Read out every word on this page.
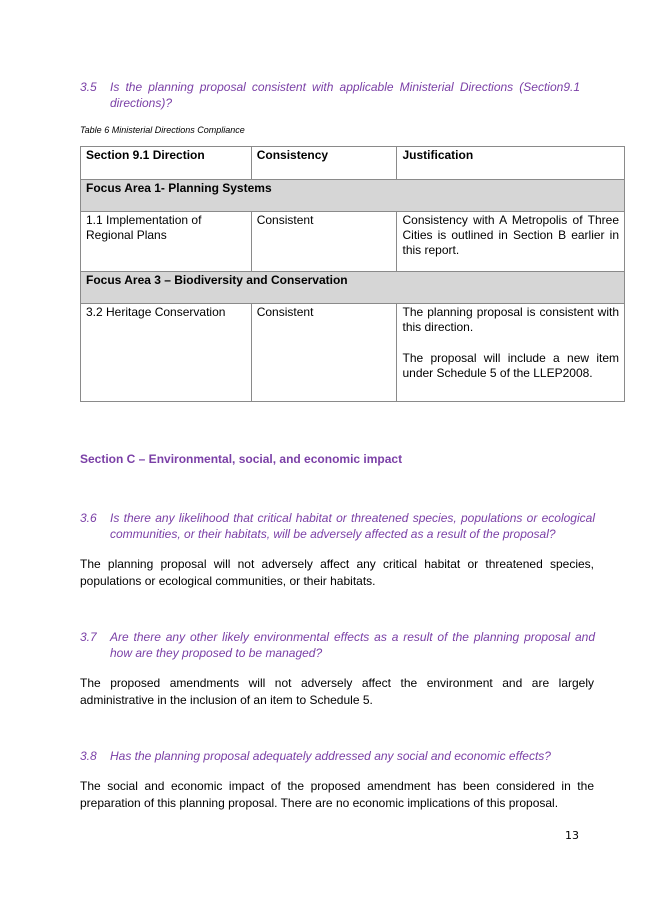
3.5	Is the planning proposal consistent with applicable Ministerial Directions (Section9.1 directions)?
Table 6 Ministerial Directions Compliance
Section 9.1 Direction	Consistency	Justification
Focus Area 1- Planning Systems		
1.1 Implementation of Regional Plans	Consistent	Consistency with A Metropolis of Three Cities is outlined in Section B earlier in this report.
Focus Area 3 – Biodiversity and Conservation		
3.2 Heritage Conservation	Consistent	The planning proposal is consistent with this direction.

The proposal will include a new item under Schedule 5 of the LLEP2008.

Section C – Environmental, social, and economic impact
3.6	Is there any likelihood that critical habitat or threatened species, populations or ecological communities, or their habitats, will be adversely affected as a result of the proposal?
The planning proposal will not adversely affect any critical habitat or threatened species, populations or ecological communities, or their habitats.
3.7	Are there any other likely environmental effects as a result of the planning proposal and how are they proposed to be managed?
The proposed amendments will not adversely affect the environment and are largely administrative in the inclusion of an item to Schedule 5.
3.8	Has the planning proposal adequately addressed any social and economic effects?
The social and economic impact of the proposed amendment has been considered in the preparation of this planning proposal. There are no economic implications of this proposal.
13
